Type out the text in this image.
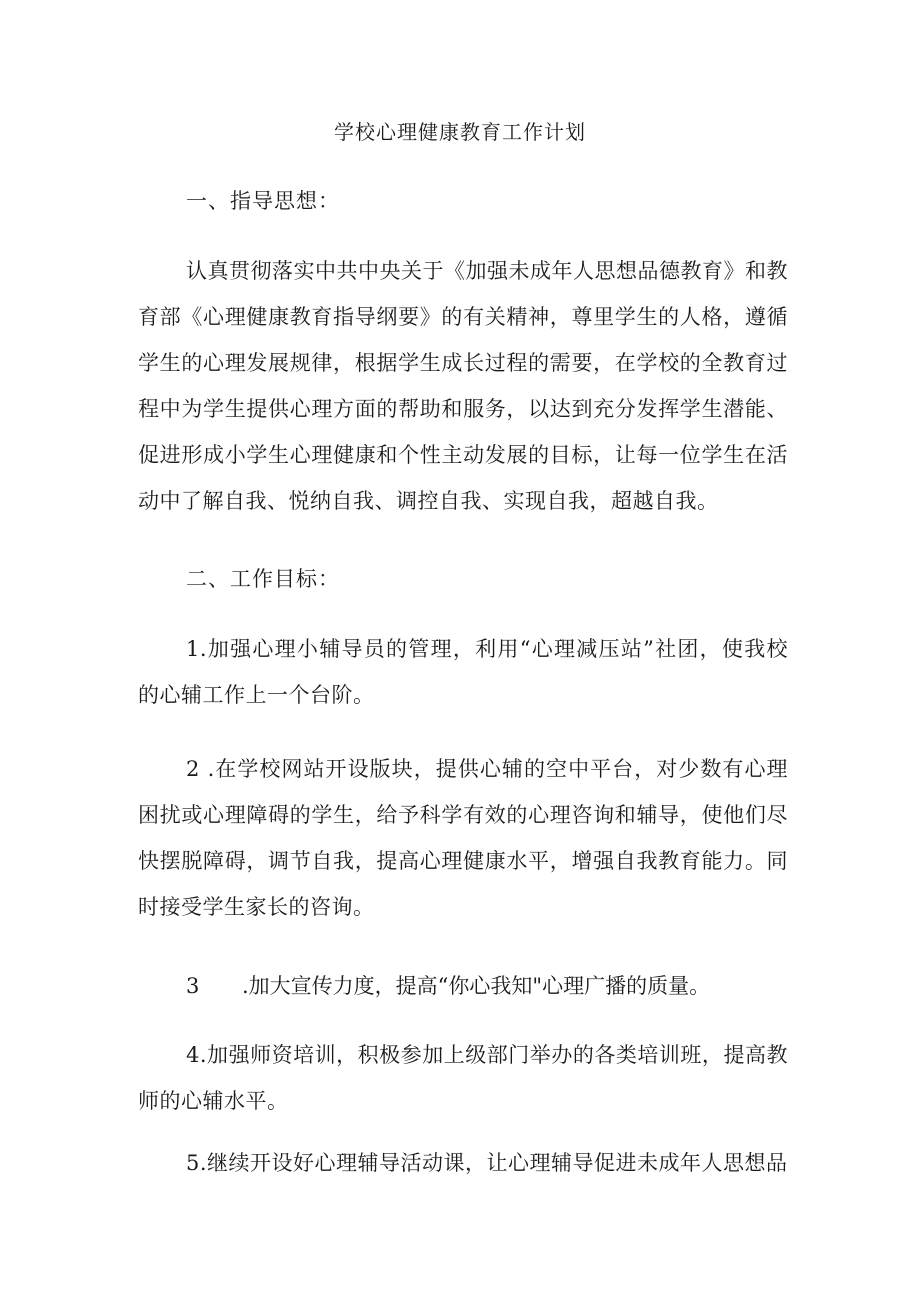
学校心理健康教育工作计划
一、指导思想：

认真贯彻落实中共中央关于《加强未成年人思想品德教育》和教育部《心理健康教育指导纲要》的有关精神，尊里学生的人格，遵循学生的心理发展规律，根据学生成长过程的需要，在学校的全教育过程中为学生提供心理方面的帮助和服务，以达到充分发挥学生潜能、促进形成小学生心理健康和个性主动发展的目标，让每一位学生在活动中了解自我、悦纳自我、调控自我、实现自我，超越自我。

二、工作目标：

1.加强心理小辅导员的管理，利用“心理减压站”社团，使我校的心辅工作上一个台阶。

2 .在学校网站开设版块，提供心辅的空中平台，对少数有心理困扰或心理障碍的学生，给予科学有效的心理咨询和辅导，使他们尽快摆脱障碍，调节自我，提高心理健康水平，增强自我教育能力。同时接受学生家长的咨询。

3 .加大宣传力度，提高“你心我知"心理广播的质量。

4.加强师资培训，积极参加上级部门举办的各类培训班，提高教师的心辅水平。

5.继续开设好心理辅导活动课，让心理辅导促进未成年人思想品
